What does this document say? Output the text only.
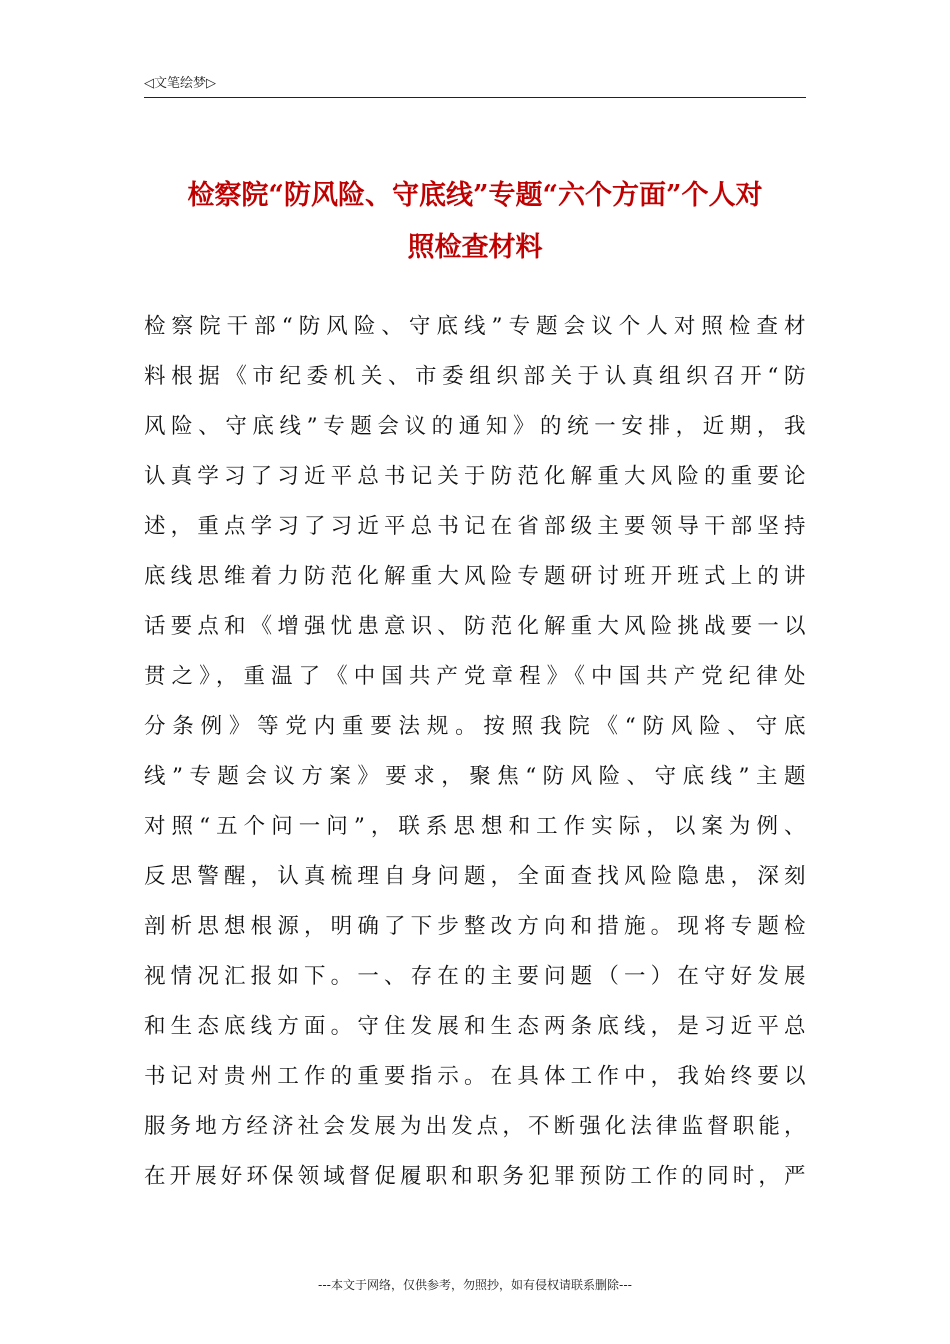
◁文笔绘梦▷
检察院“防风险、守底线”专题“六个方面”个人对
照检查材料
检察院干部“防风险、守底线”专题会议个人对照检查材
料根据《市纪委机关、市委组织部关于认真组织召开“防
风险、守底线”专题会议的通知》的统一安排，近期，我
认真学习了习近平总书记关于防范化解重大风险的重要论
述，重点学习了习近平总书记在省部级主要领导干部坚持
底线思维着力防范化解重大风险专题研讨班开班式上的讲
话要点和《增强忧患意识、防范化解重大风险挑战要一以
贯之》，重温了《中国共产党章程》《中国共产党纪律处
分条例》等党内重要法规。按照我院《“防风险、守底
线”专题会议方案》要求，聚焦“防风险、守底线”主题
对照“五个问一问”，联系思想和工作实际，以案为例、
反思警醒，认真梳理自身问题，全面查找风险隐患，深刻
剖析思想根源，明确了下步整改方向和措施。现将专题检
视情况汇报如下。一、存在的主要问题（一）在守好发展
和生态底线方面。守住发展和生态两条底线，是习近平总
书记对贵州工作的重要指示。在具体工作中，我始终要以
服务地方经济社会发展为出发点，不断强化法律监督职能，
在开展好环保领域督促履职和职务犯罪预防工作的同时，严
---本文于网络，仅供参考，勿照抄，如有侵权请联系删除---
